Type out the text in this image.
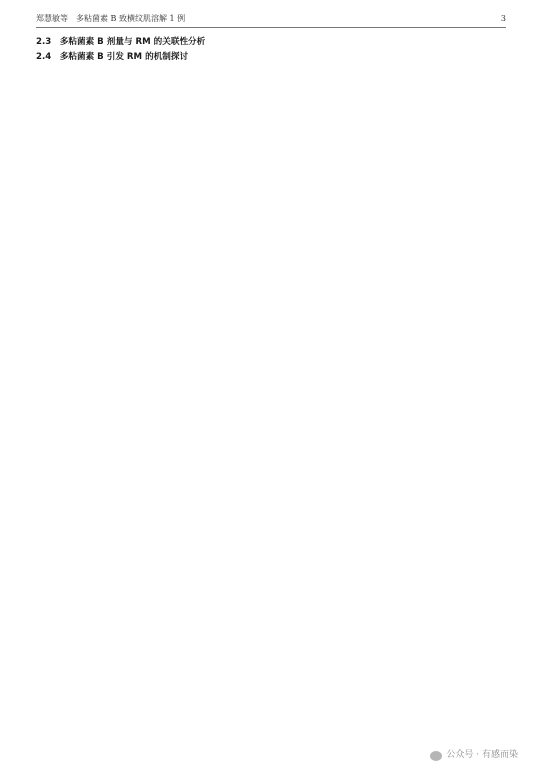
郑慧敏等　多粘菌素 B 致横纹肌溶解 1 例	3

2.3　多粘菌素 B 剂量与 RM 的关联性分析

2.4　多粘菌素 B 引发 RM 的机制探讨

公众号 · 有感而染
